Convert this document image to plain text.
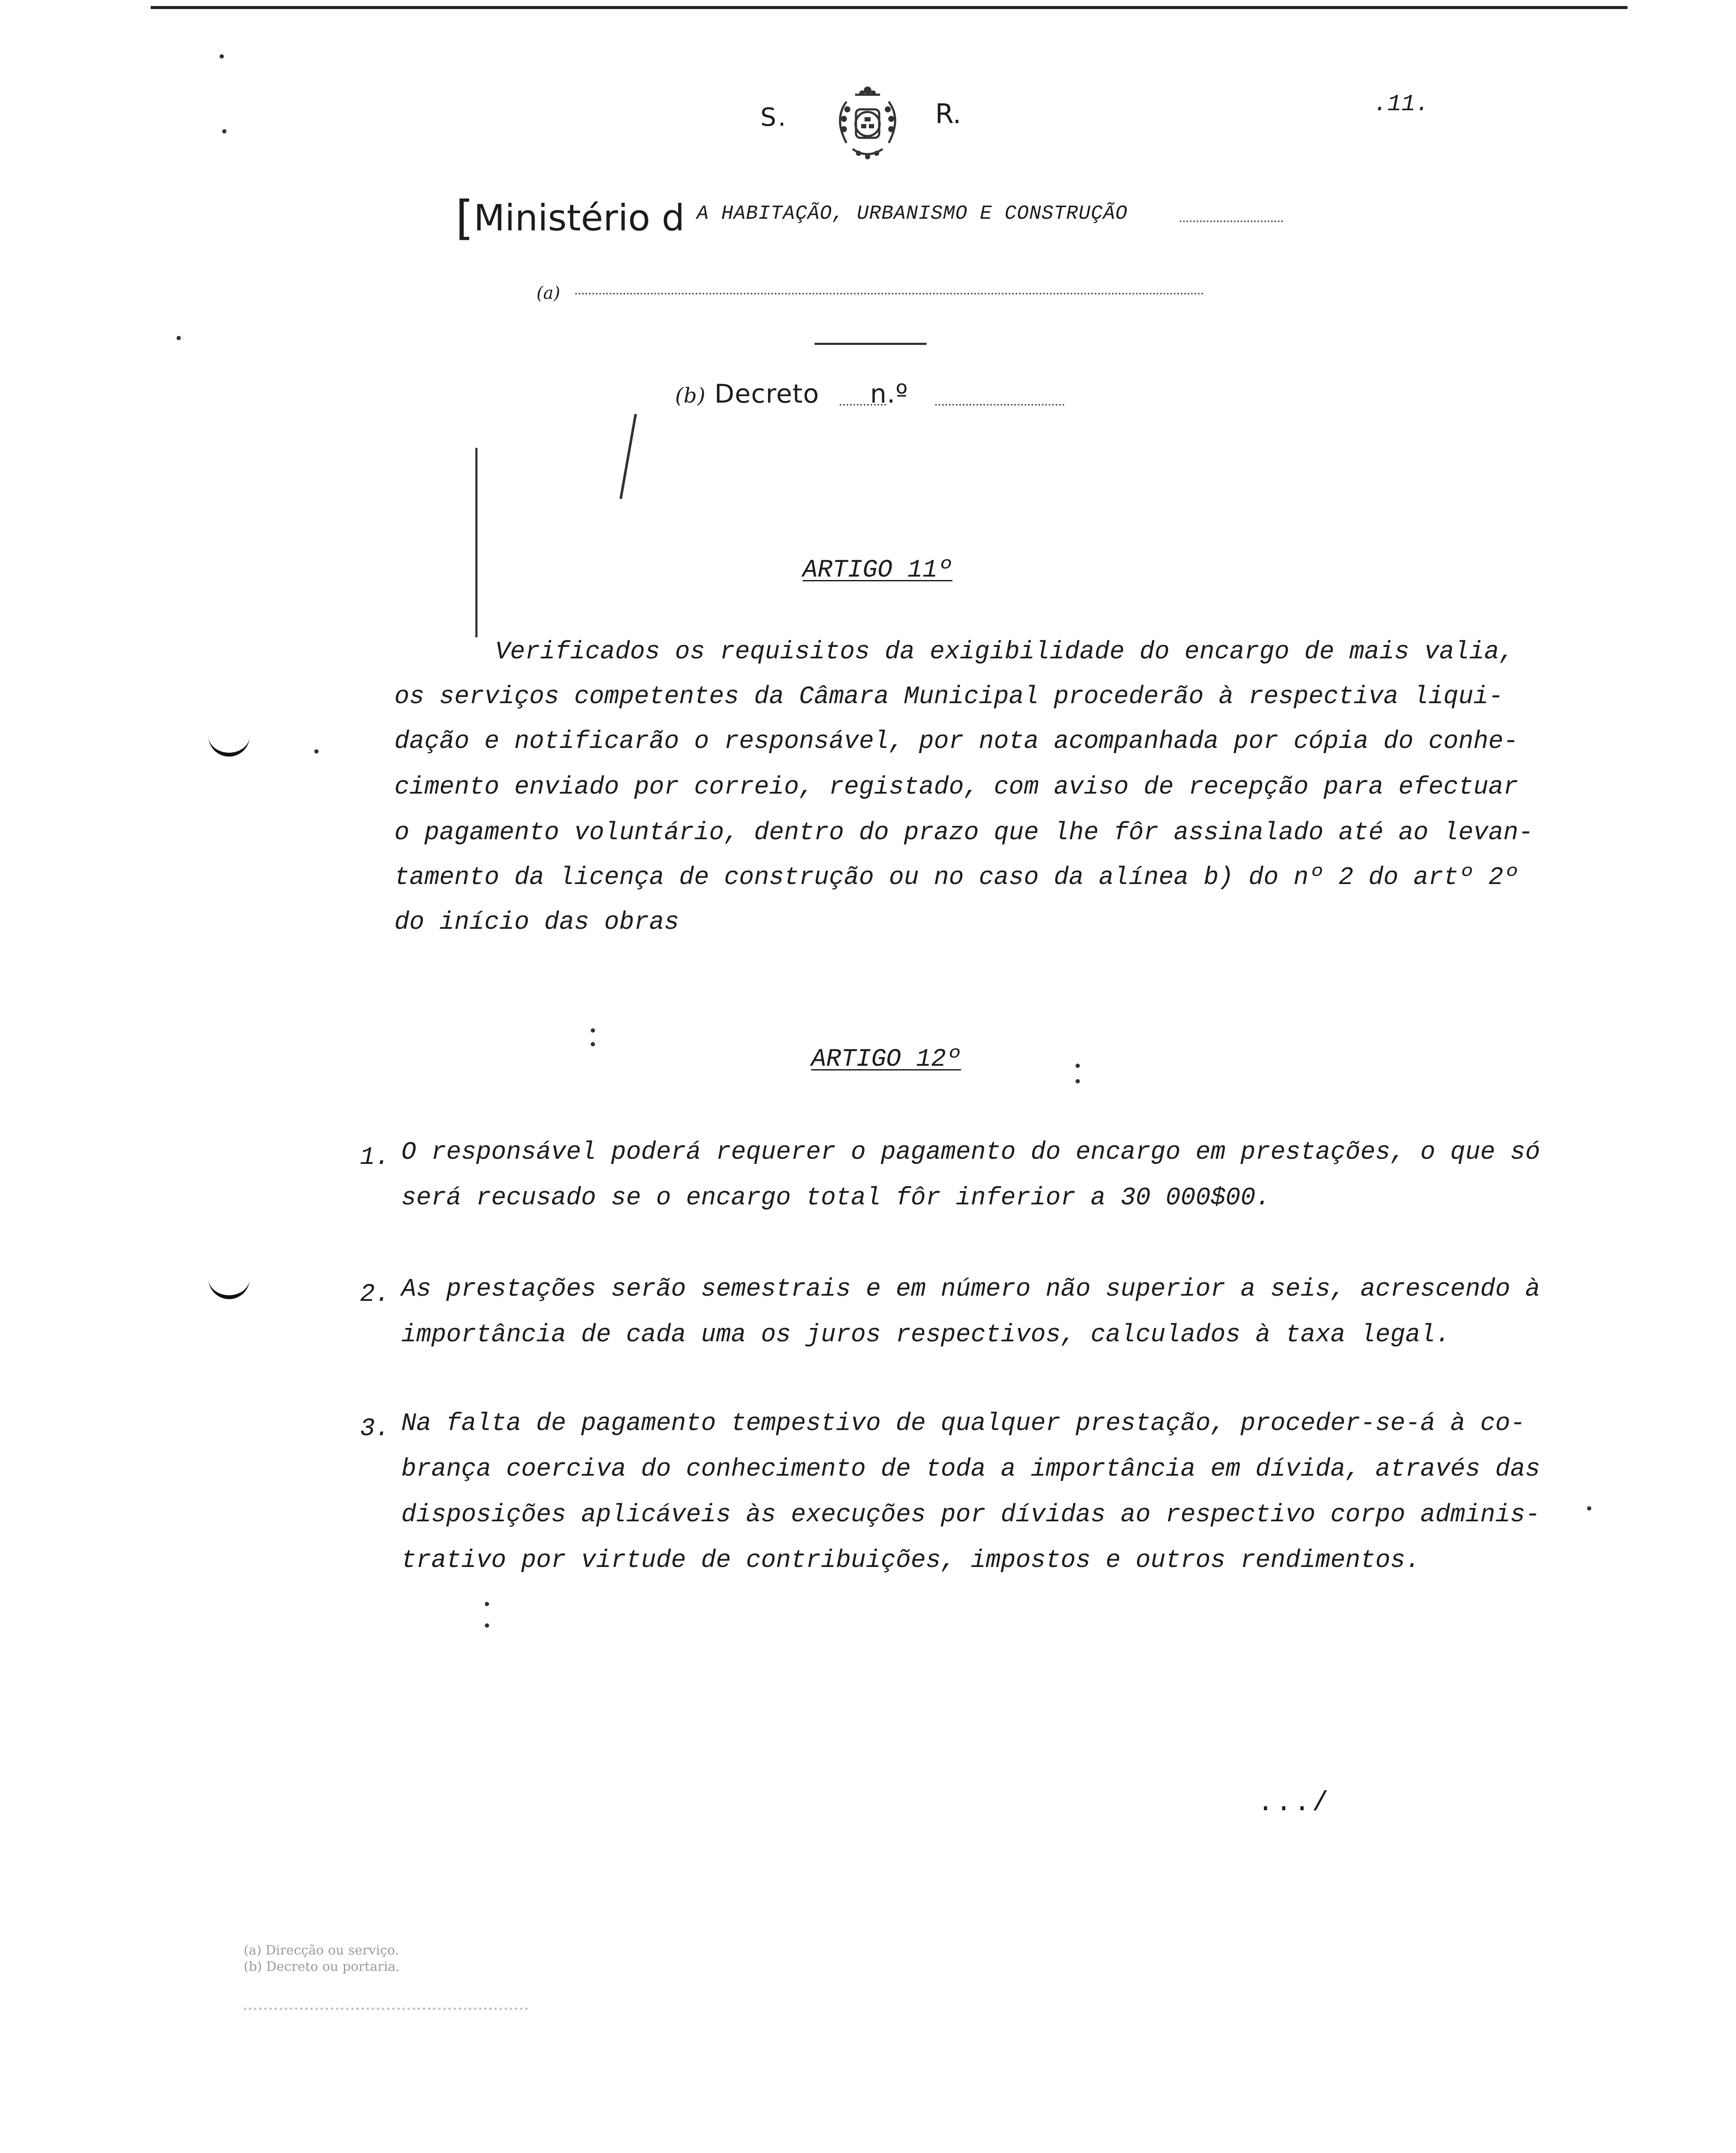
S.	R.	.11.
[Ministério d A HABITAÇÃO, URBANISMO E CONSTRUÇÃO
(a)
(b) Decreto n.º
ARTIGO 11º
Verificados os requisitos da exigibilidade do encargo de mais valia,
os serviços competentes da Câmara Municipal procederão à respectiva liqui-
dação e notificarão o responsável, por nota acompanhada por cópia do conhe-
cimento enviado por correio, registado, com aviso de recepção para efectuar
o pagamento voluntário, dentro do prazo que lhe fôr assinalado até ao levan-
tamento da licença de construção ou no caso da alínea b) do nº 2 do artº 2º
do início das obras
ARTIGO 12º
1. O responsável poderá requerer o pagamento do encargo em prestações, o que só
será recusado se o encargo total fôr inferior a 30 000$00.
2. As prestações serão semestrais e em número não superior a seis, acrescendo à
importância de cada uma os juros respectivos, calculados à taxa legal.
3. Na falta de pagamento tempestivo de qualquer prestação, proceder-se-á à co-
brança coerciva do conhecimento de toda a importância em dívida, através das
disposições aplicáveis às execuções por dívidas ao respectivo corpo adminis-
trativo por virtude de contribuições, impostos e outros rendimentos.
.../
(a) Direcção ou serviço.
(b) Decreto ou portaria.
